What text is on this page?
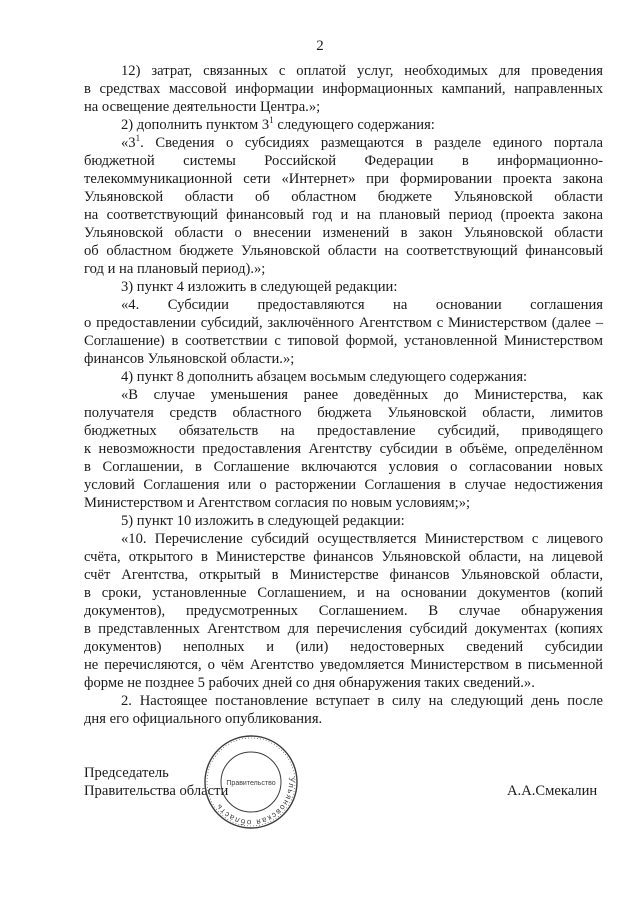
2
12) затрат, связанных с оплатой услуг, необходимых для проведения
в средствах массовой информации информационных кампаний, направленных
на освещение деятельности Центра.»;
2) дополнить пунктом $3^1$ следующего содержания:
«$3^1$. Сведения о субсидиях размещаются в разделе единого портала
бюджетной системы Российской Федерации в информационно-
телекоммуникационной сети «Интернет» при формировании проекта закона
Ульяновской области об областном бюджете Ульяновской области
на соответствующий финансовый год и на плановый период (проекта закона
Ульяновской области о внесении изменений в закон Ульяновской области
об областном бюджете Ульяновской области на соответствующий финансовый
год и на плановый период).»;
3) пункт 4 изложить в следующей редакции:
«4. Субсидии предоставляются на основании соглашения
о предоставлении субсидий, заключённого Агентством с Министерством (далее –
Соглашение) в соответствии с типовой формой, установленной Министерством
финансов Ульяновской области.»;
4) пункт 8 дополнить абзацем восьмым следующего содержания:
«В случае уменьшения ранее доведённых до Министерства, как
получателя средств областного бюджета Ульяновской области, лимитов
бюджетных обязательств на предоставление субсидий, приводящего
к невозможности предоставления Агентству субсидии в объёме, определённом
в Соглашении, в Соглашение включаются условия о согласовании новых
условий Соглашения или о расторжении Соглашения в случае недостижения
Министерством и Агентством согласия по новым условиям;»;
5) пункт 10 изложить в следующей редакции:
«10. Перечисление субсидий осуществляется Министерством с лицевого
счёта, открытого в Министерстве финансов Ульяновской области, на лицевой
счёт Агентства, открытый в Министерстве финансов Ульяновской области,
в сроки, установленные Соглашением, и на основании документов (копий
документов), предусмотренных Соглашением. В случае обнаружения
в представленных Агентством для перечисления субсидий документах (копиях
документов) неполных и (или) недостоверных сведений субсидии
не перечисляются, о чём Агентство уведомляется Министерством в письменной
форме не позднее 5 рабочих дней со дня обнаружения таких сведений.».
2. Настоящее постановление вступает в силу на следующий день после
дня его официального опубликования.
Председатель
Правительства области	А.А.Смекалин
Ульяновская область
Правительство
